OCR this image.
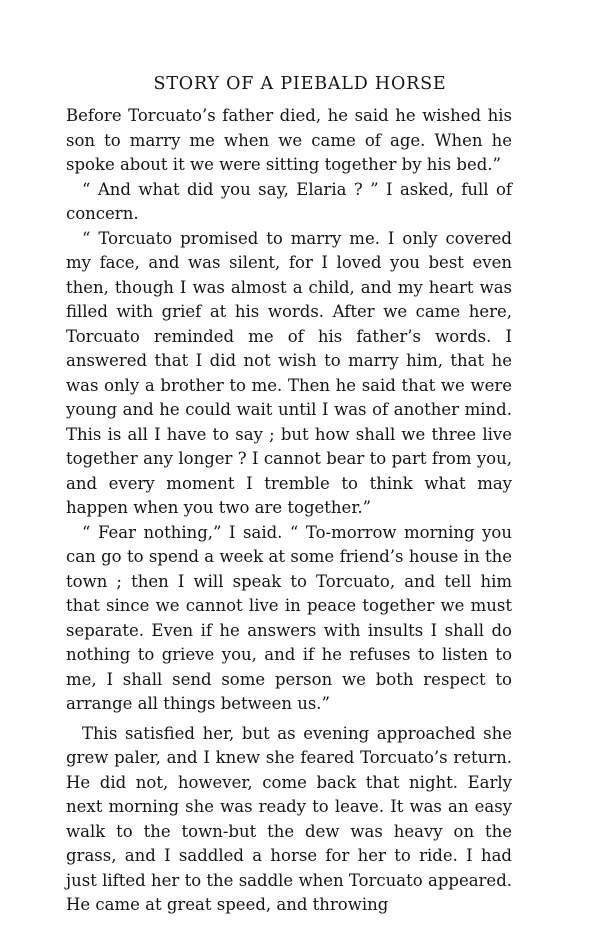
STORY OF A PIEBALD HORSE

Before Torcuato’s father died, he said he wished his son to marry me when we came of age. When he spoke about it we were sitting together by his bed.”

“ And what did you say, Elaria ? ” I asked, full of concern.

“ Torcuato promised to marry me. I only covered my face, and was silent, for I loved you best even then, though I was almost a child, and my heart was filled with grief at his words. After we came here, Torcuato reminded me of his father’s words. I answered that I did not wish to marry him, that he was only a brother to me. Then he said that we were young and he could wait until I was of another mind. This is all I have to say ; but how shall we three live together any longer ? I cannot bear to part from you, and every moment I tremble to think what may happen when you two are together.”

“ Fear nothing,” I said. “ To-morrow morning you can go to spend a week at some friend’s house in the town ; then I will speak to Torcuato, and tell him that since we cannot live in peace together we must separate. Even if he answers with insults I shall do nothing to grieve you, and if he refuses to listen to me, I shall send some person we both respect to arrange all things between us.”

This satisfied her, but as evening approached she grew paler, and I knew she feared Torcuato’s return. He did not, however, come back that night. Early next morning she was ready to leave. It was an easy walk to the town-but the dew was heavy on the grass, and I saddled a horse for her to ride. I had just lifted her to the saddle when Torcuato appeared. He came at great speed, and throwing
